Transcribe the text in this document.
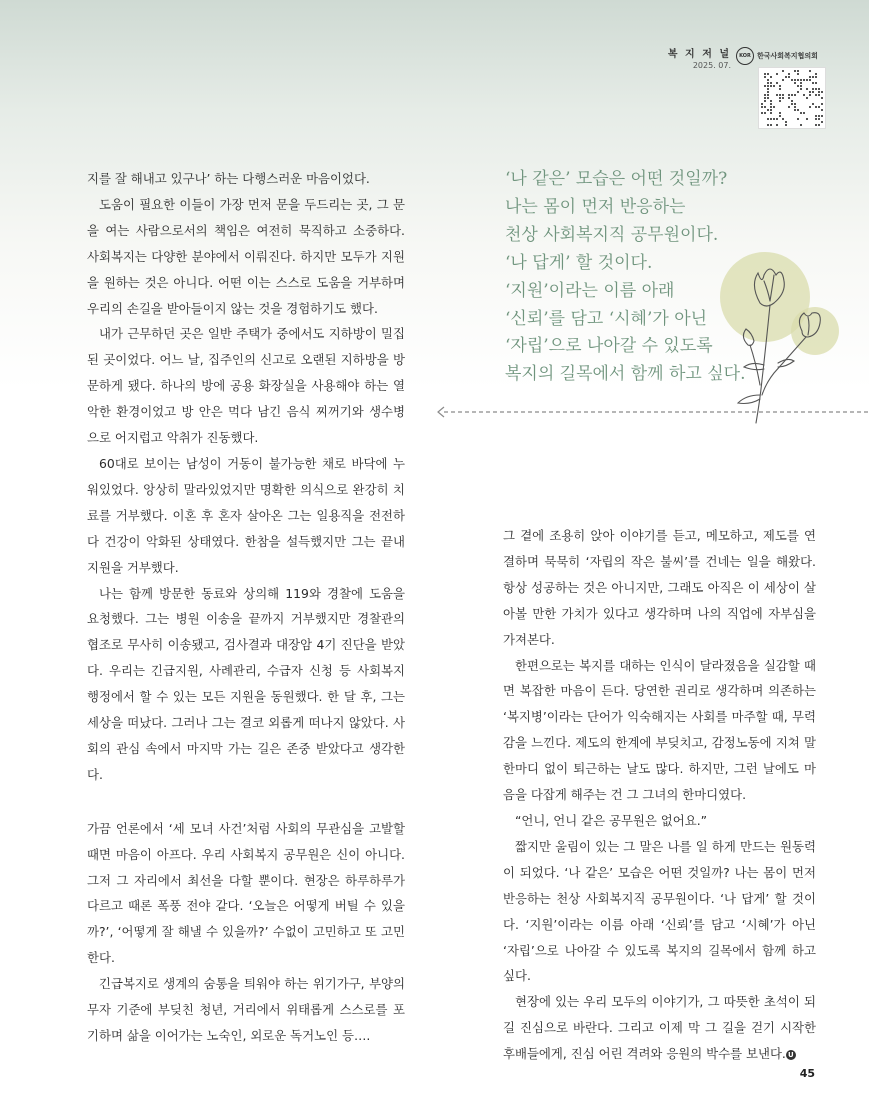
복 지 저 널
2025. 07.
KOR 한국사회복지협의회

지를 잘 해내고 있구나’ 하는 다행스러운 마음이었다.

도움이 필요한 이들이 가장 먼저 문을 두드리는 곳, 그 문을 여는 사람으로서의 책임은 여전히 묵직하고 소중하다. 사회복지는 다양한 분야에서 이뤄진다. 하지만 모두가 지원을 원하는 것은 아니다. 어떤 이는 스스로 도움을 거부하며 우리의 손길을 받아들이지 않는 것을 경험하기도 했다.

내가 근무하던 곳은 일반 주택가 중에서도 지하방이 밀집된 곳이었다. 어느 날, 집주인의 신고로 오랜된 지하방을 방문하게 됐다. 하나의 방에 공용 화장실을 사용해야 하는 열악한 환경이었고 방 안은 먹다 남긴 음식 찌꺼기와 생수병으로 어지럽고 악취가 진동했다.

60대로 보이는 남성이 거동이 불가능한 채로 바닥에 누워있었다. 앙상히 말라있었지만 명확한 의식으로 완강히 치료를 거부했다. 이혼 후 혼자 살아온 그는 일용직을 전전하다 건강이 악화된 상태였다. 한참을 설득했지만 그는 끝내 지원을 거부했다.

나는 함께 방문한 동료와 상의해 119와 경찰에 도움을 요청했다. 그는 병원 이송을 끝까지 거부했지만 경찰관의 협조로 무사히 이송됐고, 검사결과 대장암 4기 진단을 받았다. 우리는 긴급지원, 사례관리, 수급자 신청 등 사회복지 행정에서 할 수 있는 모든 지원을 동원했다. 한 달 후, 그는 세상을 떠났다. 그러나 그는 결코 외롭게 떠나지 않았다. 사회의 관심 속에서 마지막 가는 길은 존중 받았다고 생각한다.

가끔 언론에서 ‘세 모녀 사건’처럼 사회의 무관심을 고발할 때면 마음이 아프다. 우리 사회복지 공무원은 신이 아니다. 그저 그 자리에서 최선을 다할 뿐이다. 현장은 하루하루가 다르고 때론 폭풍 전야 같다. ‘오늘은 어떻게 버틸 수 있을까?’, ‘어떻게 잘 해낼 수 있을까?’ 수없이 고민하고 또 고민 한다.

긴급복지로 생계의 숨통을 틔워야 하는 위기가구, 부양의무자 기준에 부딪친 청년, 거리에서 위태롭게 스스로를 포기하며 삶을 이어가는 노숙인, 외로운 독거노인 등….

‘나 같은’ 모습은 어떤 것일까?

나는 몸이 먼저 반응하는

천상 사회복지직 공무원이다.

‘나 답게’ 할 것이다.

‘지원’이라는 이름 아래

‘신뢰’를 담고 ‘시혜’가 아닌

‘자립’으로 나아갈 수 있도록

복지의 길목에서 함께 하고 싶다.

그 곁에 조용히 앉아 이야기를 듣고, 메모하고, 제도를 연결하며 묵묵히 ‘자립의 작은 불씨’를 건네는 일을 해왔다. 항상 성공하는 것은 아니지만, 그래도 아직은 이 세상이 살아볼 만한 가치가 있다고 생각하며 나의 직업에 자부심을 가져본다.

한편으로는 복지를 대하는 인식이 달라졌음을 실감할 때면 복잡한 마음이 든다. 당연한 권리로 생각하며 의존하는 ‘복지병’이라는 단어가 익숙해지는 사회를 마주할 때, 무력감을 느낀다. 제도의 한계에 부딪치고, 감정노동에 지쳐 말 한마디 없이 퇴근하는 날도 많다. 하지만, 그런 날에도 마음을 다잡게 해주는 건 그 그녀의 한마디였다.

“언니, 언니 같은 공무원은 없어요.”

짧지만 울림이 있는 그 말은 나를 일 하게 만드는 원동력이 되었다. ‘나 같은’ 모습은 어떤 것일까? 나는 몸이 먼저 반응하는 천상 사회복지직 공무원이다. ‘나 답게’ 할 것이다. ‘지원’이라는 이름 아래 ‘신뢰’를 담고 ‘시혜’가 아닌 ‘자립’으로 나아갈 수 있도록 복지의 길목에서 함께 하고 싶다.

현장에 있는 우리 모두의 이야기가, 그 따뜻한 초석이 되길 진심으로 바란다. 그리고 이제 막 그 길을 걷기 시작한 후배들에게, 진심 어린 격려와 응원의 박수를 보낸다. U

45
